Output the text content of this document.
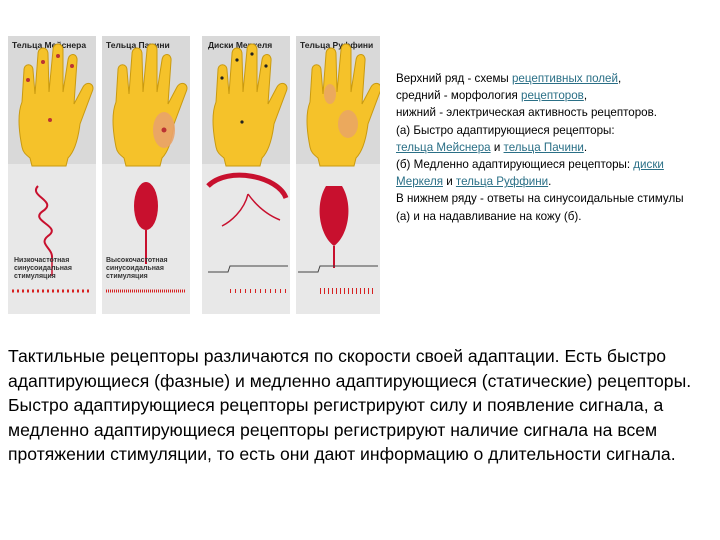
Тельца Мейснера Тельца Пачини	Диски Меркеля	Тельца Руффини
Низкочастотная синусоидальная стимуляция
Высокочастотная синусоидальная стимуляция
Верхний ряд - схемы рецептивных полей,
средний - морфология рецепторов,
нижний - электрическая активность рецепторов.
(а) Быстро адаптирующиеся рецепторы:
тельца Мейснера и тельца Пачини.
(б) Медленно адаптирующиеся рецепторы: диски Меркеля и тельца Руффини.
В нижнем ряду - ответы на синусоидальные стимулы (а) и на надавливание на кожу (б).
Тактильные рецепторы различаются по скорости своей адаптации. Есть быстро адаптирующиеся (фазные) и медленно адаптирующиеся (статические) рецепторы. Быстро адаптирующиеся рецепторы регистрируют силу и появление сигнала, а медленно адаптирующиеся рецепторы регистрируют наличие сигнала на всем протяжении стимуляции, то есть они дают информацию о длительности сигнала.
